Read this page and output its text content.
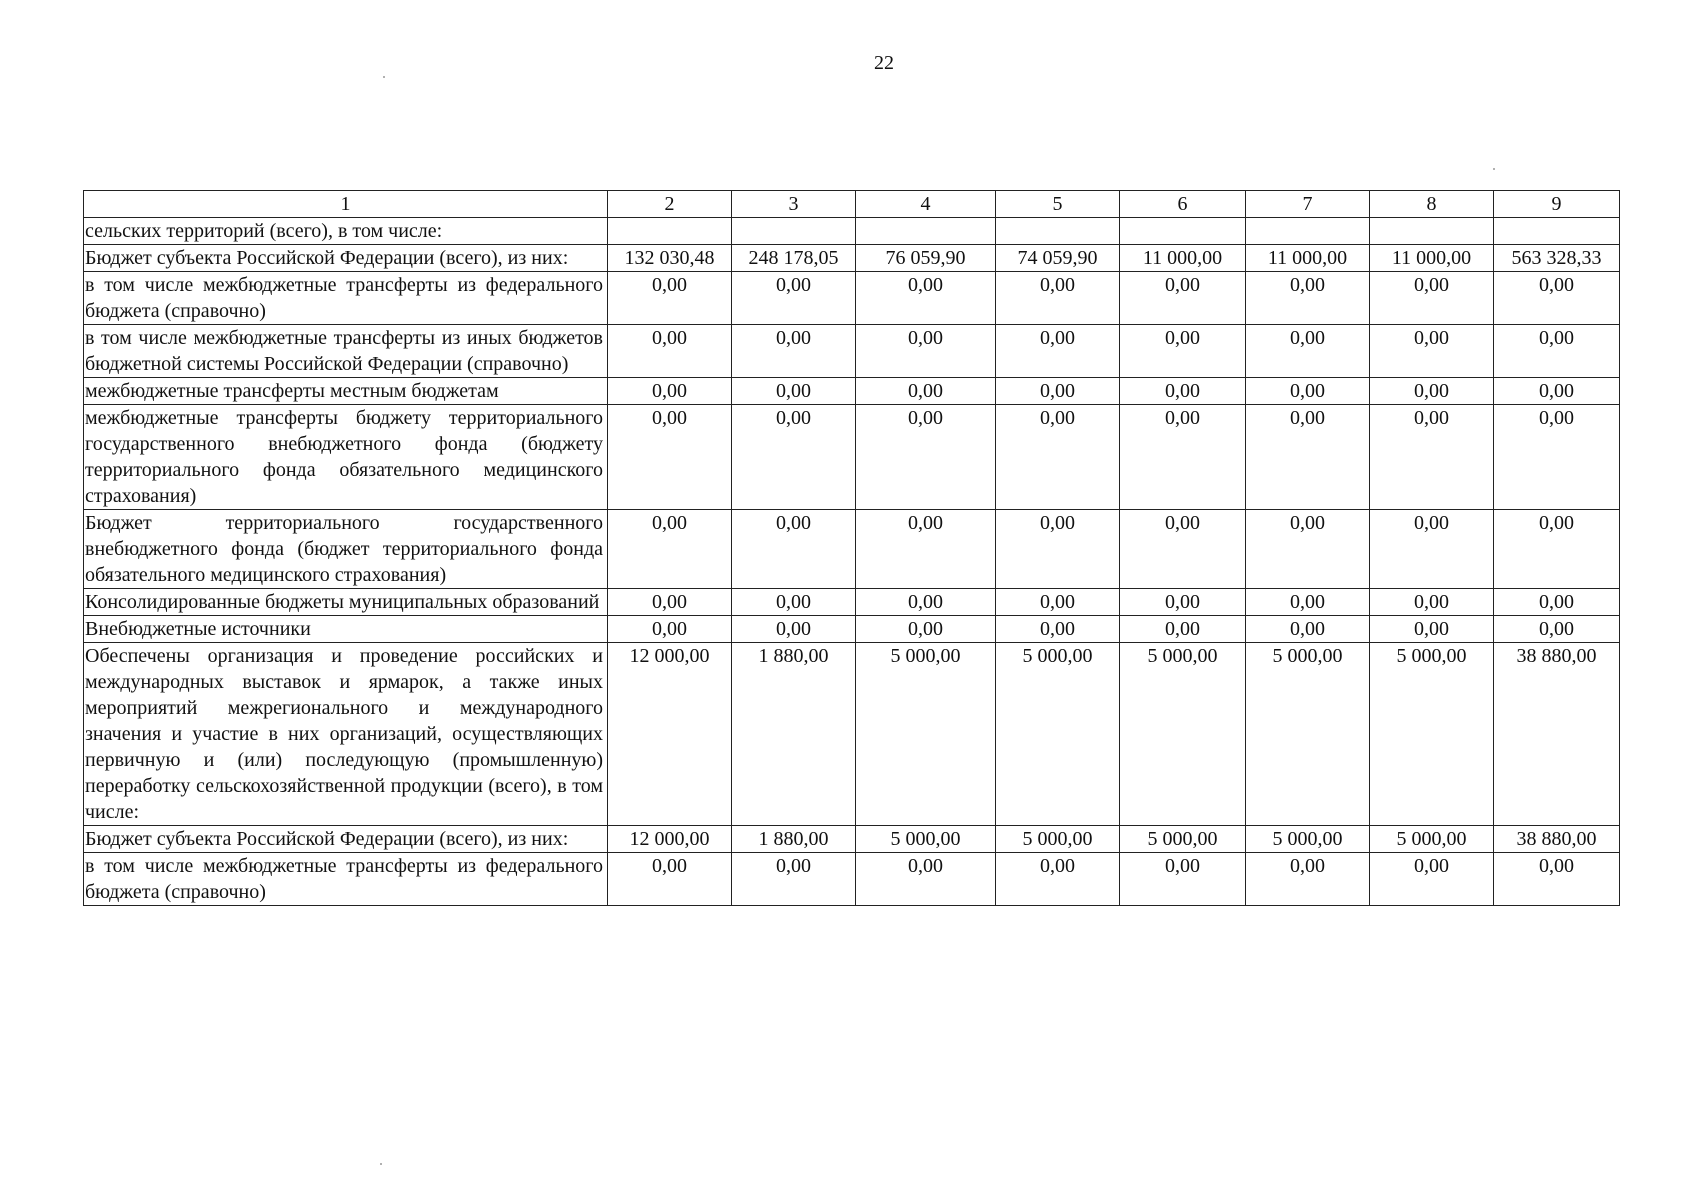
22
1	2	3	4	5	6	7	8	9
сельских территорий (всего), в том числе:								
Бюджет субъекта Российской Федерации (всего), из них:	132 030,48	248 178,05	76 059,90	74 059,90	11 000,00	11 000,00	11 000,00	563 328,33
в том числе межбюджетные трансферты из федерального бюджета (справочно)	0,00	0,00	0,00	0,00	0,00	0,00	0,00	0,00
в том числе межбюджетные трансферты из иных бюджетов бюджетной системы Российской Федерации (справочно)	0,00	0,00	0,00	0,00	0,00	0,00	0,00	0,00
межбюджетные трансферты местным бюджетам	0,00	0,00	0,00	0,00	0,00	0,00	0,00	0,00
межбюджетные трансферты бюджету территориального государственного внебюджетного фонда (бюджету территориального фонда обязательного медицинского страхования)	0,00	0,00	0,00	0,00	0,00	0,00	0,00	0,00
Бюджет территориального государственного внебюджетного фонда (бюджет территориального фонда обязательного медицинского страхования)	0,00	0,00	0,00	0,00	0,00	0,00	0,00	0,00
Консолидированные бюджеты муниципальных образований	0,00	0,00	0,00	0,00	0,00	0,00	0,00	0,00
Внебюджетные источники	0,00	0,00	0,00	0,00	0,00	0,00	0,00	0,00
Обеспечены организация и проведение российских и международных выставок и ярмарок, а также иных мероприятий межрегионального и международного значения и участие в них организаций, осуществляющих первичную и (или) последующую (промышленную) переработку сельскохозяйственной продукции (всего), в том числе:	12 000,00	1 880,00	5 000,00	5 000,00	5 000,00	5 000,00	5 000,00	38 880,00
Бюджет субъекта Российской Федерации (всего), из них:	12 000,00	1 880,00	5 000,00	5 000,00	5 000,00	5 000,00	5 000,00	38 880,00
в том числе межбюджетные трансферты из федерального бюджета (справочно)	0,00	0,00	0,00	0,00	0,00	0,00	0,00	0,00
